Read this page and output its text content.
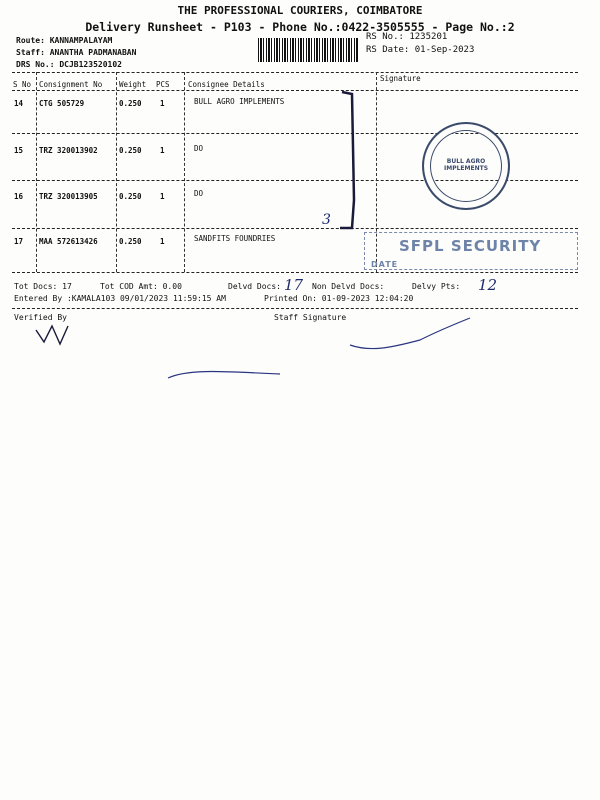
THE PROFESSIONAL COURIERS, COIMBATORE
Delivery Runsheet - P103 - Phone No.:0422-3505555 - Page No.:2
Route: KANNAMPALAYAM
Staff: ANANTHA PADMANABAN
DRS No.: DCJB123520102
RS No.: 1235201
RS Date: 01-Sep-2023
S No Consignment No Weight PCS Consignee Details
Signature
14 CTG 505729	0.250 1	BULL AGRO IMPLEMENTS
15 TRZ 320013902	0.250 1	DO
16 TRZ 320013905	0.250 1	DO
17 MAA 572613426	0.250 1	SANDFITS FOUNDRIES
3
BULL AGRO IMPLEMENTS
SFPL SECURITY
DATE
Tot Docs: 17	Tot COD Amt: 0.00	Delvd Docs: 17 Non Delvd Docs:	Delvy Pts: 12
Entered By :KAMALA103 09/01/2023 11:59:15 AM	Printed On: 01-09-2023 12:04:20
Verified By	Staff Signature
